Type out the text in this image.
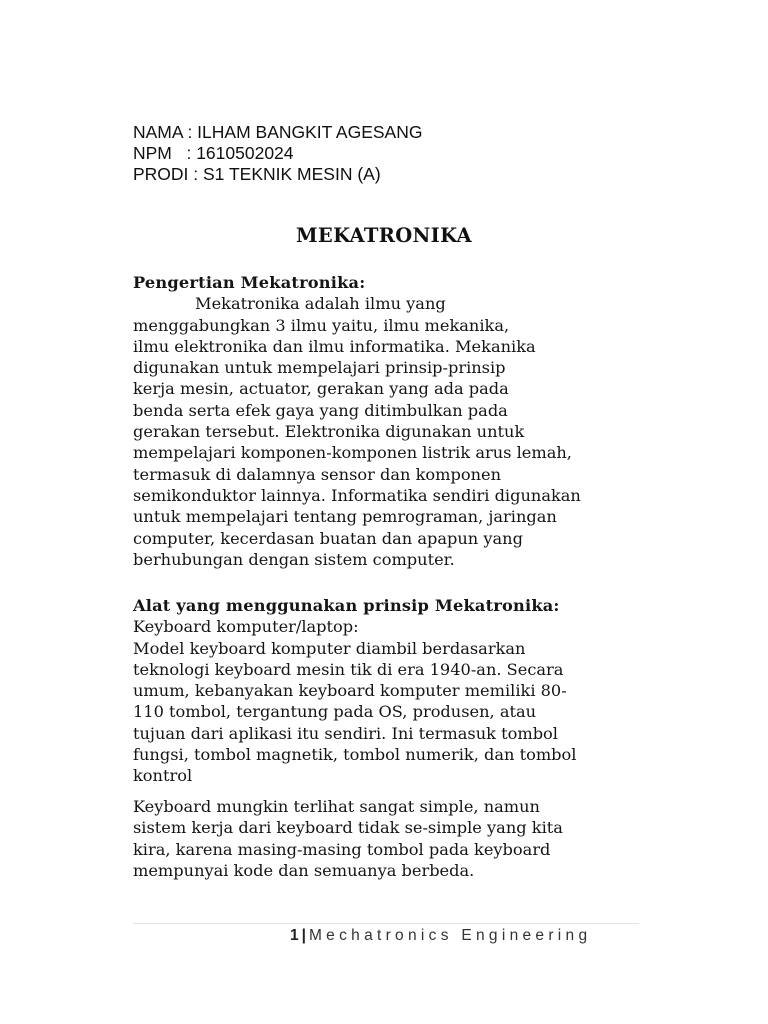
NAMA : ILHAM BANGKIT AGESANG
NPM   : 1610502024
PRODI : S1 TEKNIK MESIN (A)
MEKATRONIKA
Pengertian Mekatronika:
Mekatronika adalah ilmu yang
menggabungkan 3 ilmu yaitu, ilmu mekanika,
ilmu elektronika dan ilmu informatika. Mekanika
digunakan untuk mempelajari prinsip-prinsip
kerja mesin, actuator, gerakan yang ada pada
benda serta efek gaya yang ditimbulkan pada
gerakan tersebut. Elektronika digunakan untuk
mempelajari komponen-komponen listrik arus lemah,
termasuk di dalamnya sensor dan komponen
semikonduktor lainnya. Informatika sendiri digunakan
untuk mempelajari tentang pemrograman, jaringan
computer, kecerdasan buatan dan apapun yang
berhubungan dengan sistem computer.
Alat yang menggunakan prinsip Mekatronika:
Keyboard komputer/laptop:
Model keyboard komputer diambil berdasarkan
teknologi keyboard mesin tik di era 1940-an. Secara
umum, kebanyakan keyboard komputer memiliki 80-
110 tombol, tergantung pada OS, produsen, atau
tujuan dari aplikasi itu sendiri. Ini termasuk tombol
fungsi, tombol magnetik, tombol numerik, dan tombol
kontrol
Keyboard mungkin terlihat sangat simple, namun
sistem kerja dari keyboard tidak se-simple yang kita
kira, karena masing-masing tombol pada keyboard
mempunyai kode dan semuanya berbeda.
1 | Mechatronics Engineering
